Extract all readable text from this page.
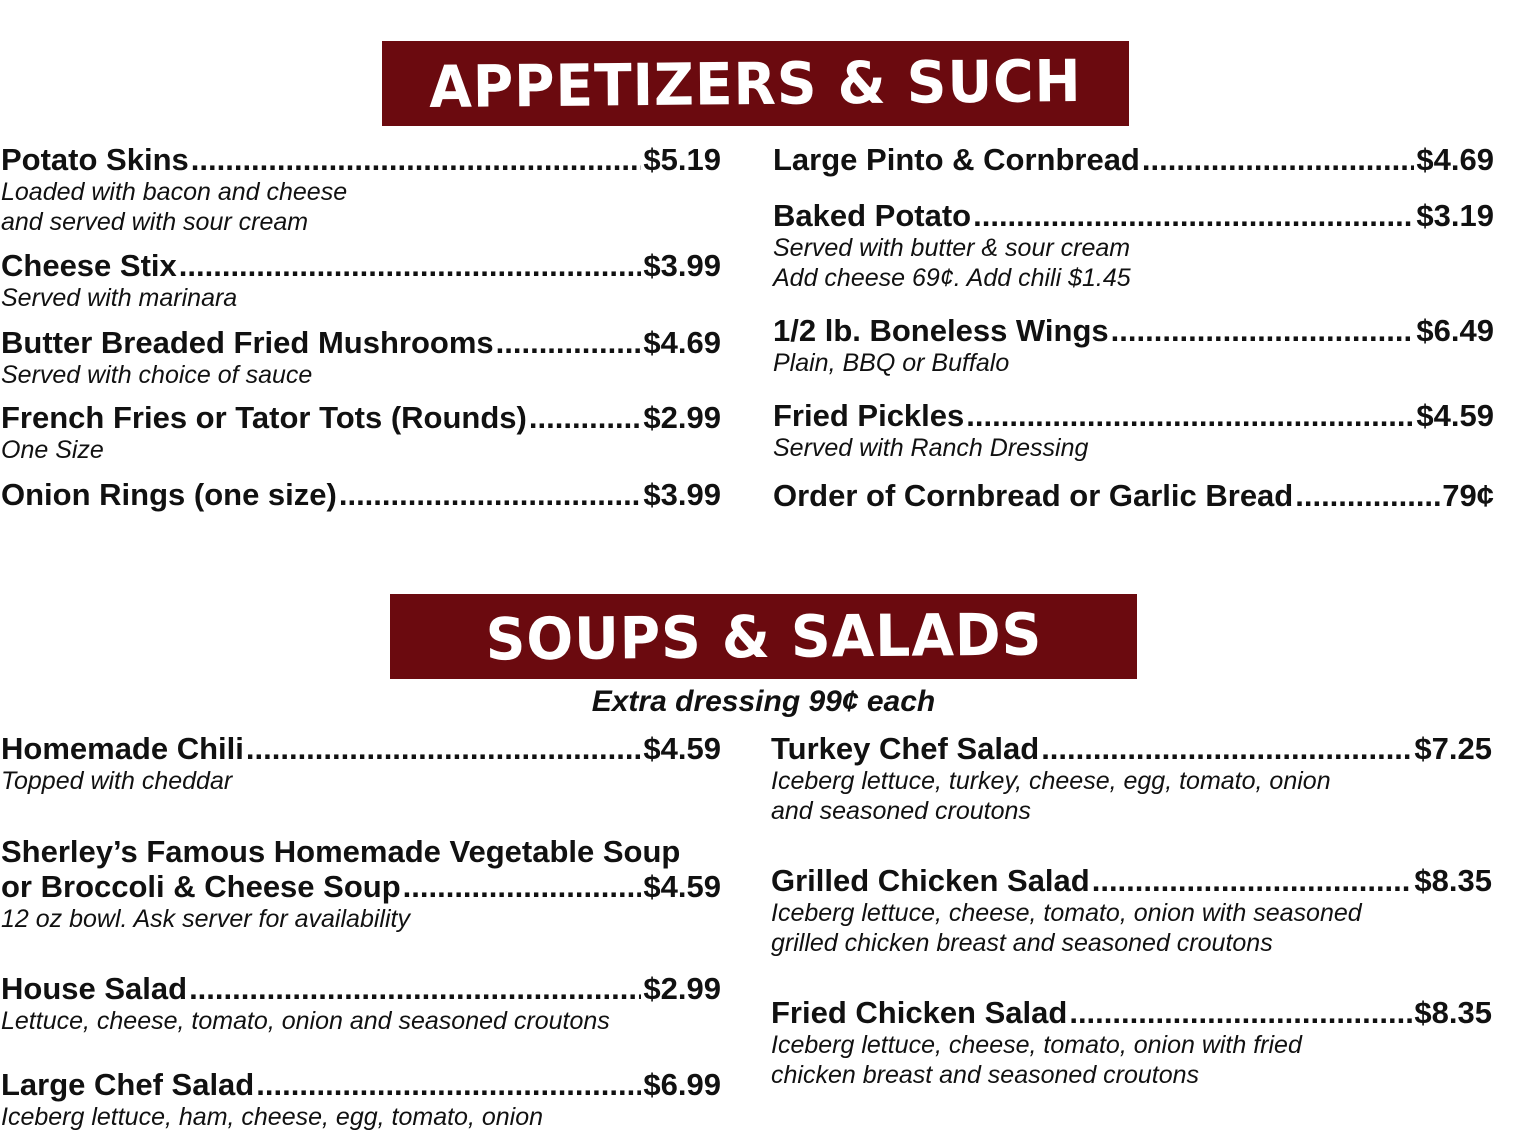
APPETIZERS & SUCH
Potato Skins .....	$5.19
Loaded with bacon and cheese
and served with sour cream
Cheese Stix .....	$3.99
Served with marinara
Butter Breaded Fried Mushrooms .....	$4.69
Served with choice of sauce
French Fries or Tator Tots (Rounds) .....	$2.99
One Size
Onion Rings (one size) .....	$3.99
Large Pinto & Cornbread .....	$4.69
Baked Potato .....	$3.19
Served with butter & sour cream
Add cheese 69¢. Add chili $1.45
1/2 lb. Boneless Wings .....	$6.49
Plain, BBQ or Buffalo
Fried Pickles .....	$4.59
Served with Ranch Dressing
Order of Cornbread or Garlic Bread .....	79¢
SOUPS & SALADS
Extra dressing 99¢ each
Homemade Chili .....	$4.59
Topped with cheddar
Sherley’s Famous Homemade Vegetable Soup
or Broccoli & Cheese Soup .....	$4.59
12 oz bowl. Ask server for availability
House Salad .....	$2.99
Lettuce, cheese, tomato, onion and seasoned croutons
Large Chef Salad .....	$6.99
Iceberg lettuce, ham, cheese, egg, tomato, onion
Turkey Chef Salad .....	$7.25
Iceberg lettuce, turkey, cheese, egg, tomato, onion
and seasoned croutons
Grilled Chicken Salad .....	$8.35
Iceberg lettuce, cheese, tomato, onion with seasoned
grilled chicken breast and seasoned croutons
Fried Chicken Salad .....	$8.35
Iceberg lettuce, cheese, tomato, onion with fried
chicken breast and seasoned croutons
